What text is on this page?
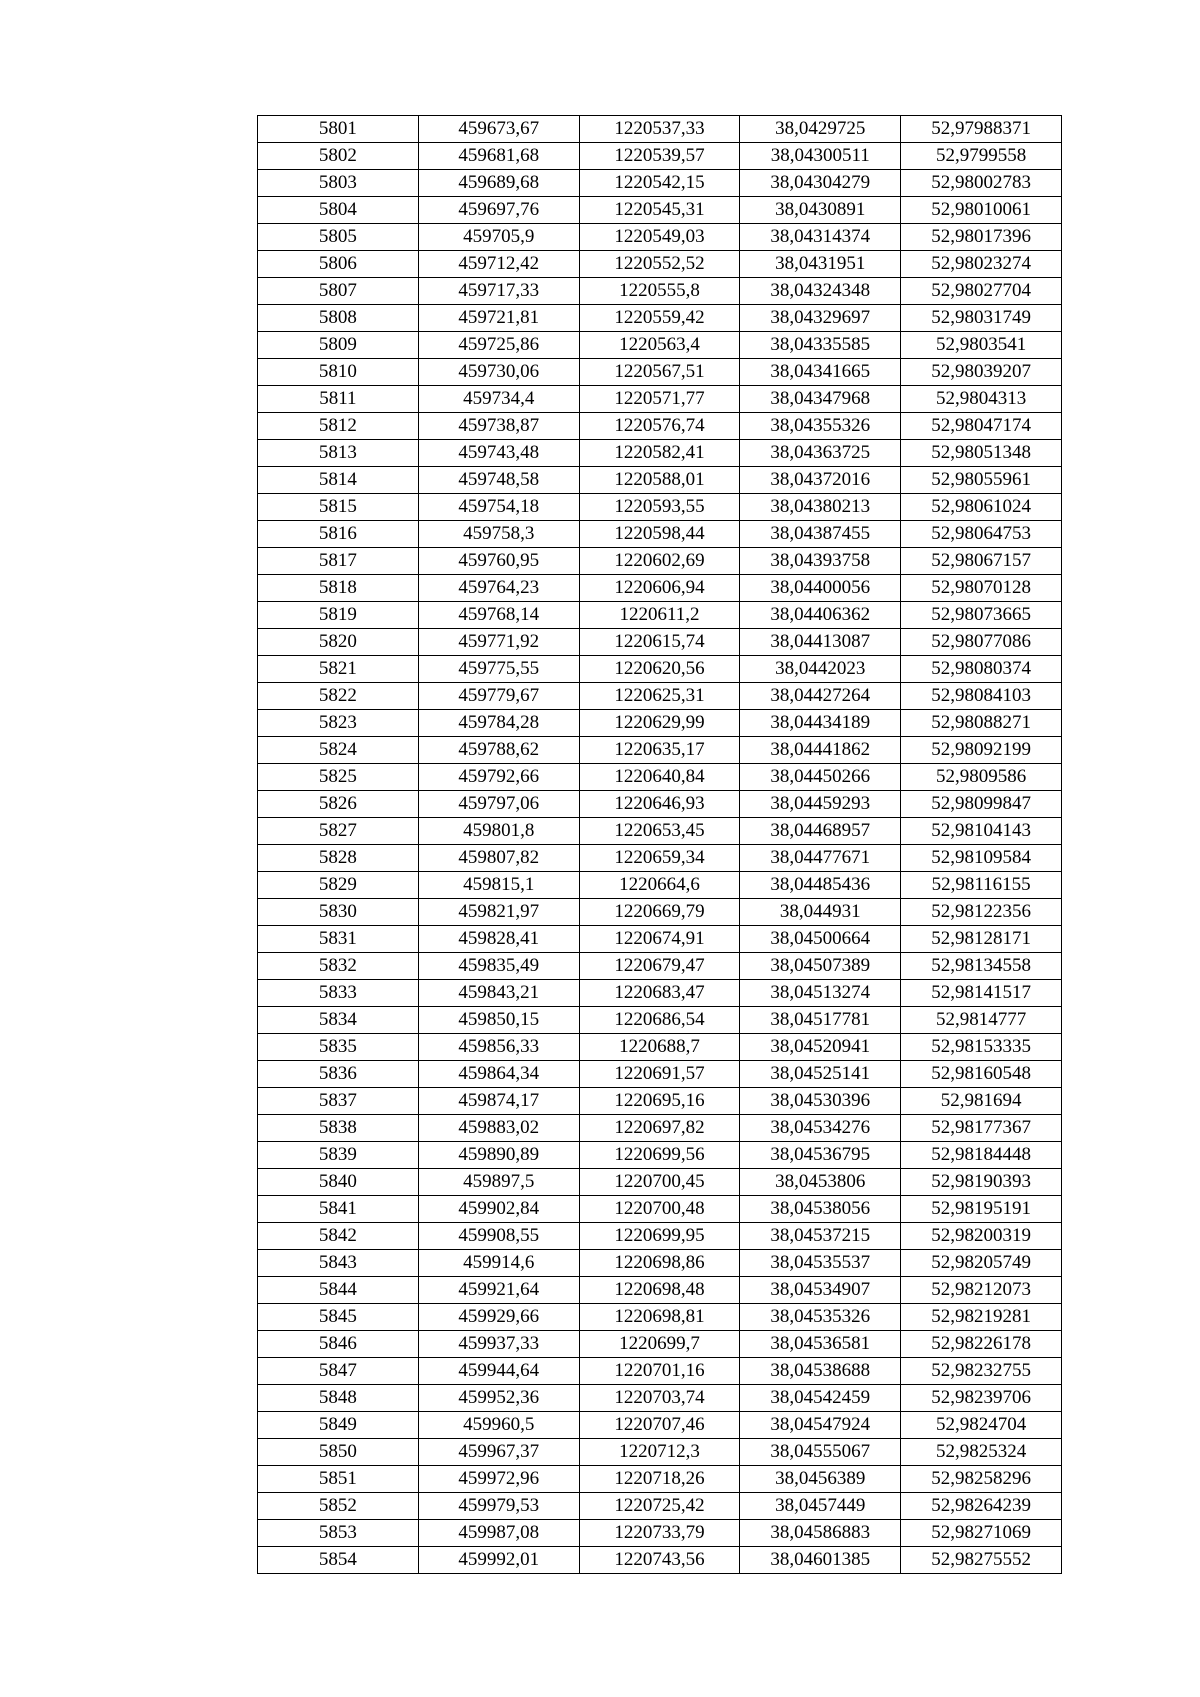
5801	459673,67	1220537,33	38,0429725	52,97988371
5802	459681,68	1220539,57	38,04300511	52,9799558
5803	459689,68	1220542,15	38,04304279	52,98002783
5804	459697,76	1220545,31	38,0430891	52,98010061
5805	459705,9	1220549,03	38,04314374	52,98017396
5806	459712,42	1220552,52	38,0431951	52,98023274
5807	459717,33	1220555,8	38,04324348	52,98027704
5808	459721,81	1220559,42	38,04329697	52,98031749
5809	459725,86	1220563,4	38,04335585	52,9803541
5810	459730,06	1220567,51	38,04341665	52,98039207
5811	459734,4	1220571,77	38,04347968	52,9804313
5812	459738,87	1220576,74	38,04355326	52,98047174
5813	459743,48	1220582,41	38,04363725	52,98051348
5814	459748,58	1220588,01	38,04372016	52,98055961
5815	459754,18	1220593,55	38,04380213	52,98061024
5816	459758,3	1220598,44	38,04387455	52,98064753
5817	459760,95	1220602,69	38,04393758	52,98067157
5818	459764,23	1220606,94	38,04400056	52,98070128
5819	459768,14	1220611,2	38,04406362	52,98073665
5820	459771,92	1220615,74	38,04413087	52,98077086
5821	459775,55	1220620,56	38,0442023	52,98080374
5822	459779,67	1220625,31	38,04427264	52,98084103
5823	459784,28	1220629,99	38,04434189	52,98088271
5824	459788,62	1220635,17	38,04441862	52,98092199
5825	459792,66	1220640,84	38,04450266	52,9809586
5826	459797,06	1220646,93	38,04459293	52,98099847
5827	459801,8	1220653,45	38,04468957	52,98104143
5828	459807,82	1220659,34	38,04477671	52,98109584
5829	459815,1	1220664,6	38,04485436	52,98116155
5830	459821,97	1220669,79	38,044931	52,98122356
5831	459828,41	1220674,91	38,04500664	52,98128171
5832	459835,49	1220679,47	38,04507389	52,98134558
5833	459843,21	1220683,47	38,04513274	52,98141517
5834	459850,15	1220686,54	38,04517781	52,9814777
5835	459856,33	1220688,7	38,04520941	52,98153335
5836	459864,34	1220691,57	38,04525141	52,98160548
5837	459874,17	1220695,16	38,04530396	52,981694
5838	459883,02	1220697,82	38,04534276	52,98177367
5839	459890,89	1220699,56	38,04536795	52,98184448
5840	459897,5	1220700,45	38,0453806	52,98190393
5841	459902,84	1220700,48	38,04538056	52,98195191
5842	459908,55	1220699,95	38,04537215	52,98200319
5843	459914,6	1220698,86	38,04535537	52,98205749
5844	459921,64	1220698,48	38,04534907	52,98212073
5845	459929,66	1220698,81	38,04535326	52,98219281
5846	459937,33	1220699,7	38,04536581	52,98226178
5847	459944,64	1220701,16	38,04538688	52,98232755
5848	459952,36	1220703,74	38,04542459	52,98239706
5849	459960,5	1220707,46	38,04547924	52,9824704
5850	459967,37	1220712,3	38,04555067	52,9825324
5851	459972,96	1220718,26	38,0456389	52,98258296
5852	459979,53	1220725,42	38,0457449	52,98264239
5853	459987,08	1220733,79	38,04586883	52,98271069
5854	459992,01	1220743,56	38,04601385	52,98275552
